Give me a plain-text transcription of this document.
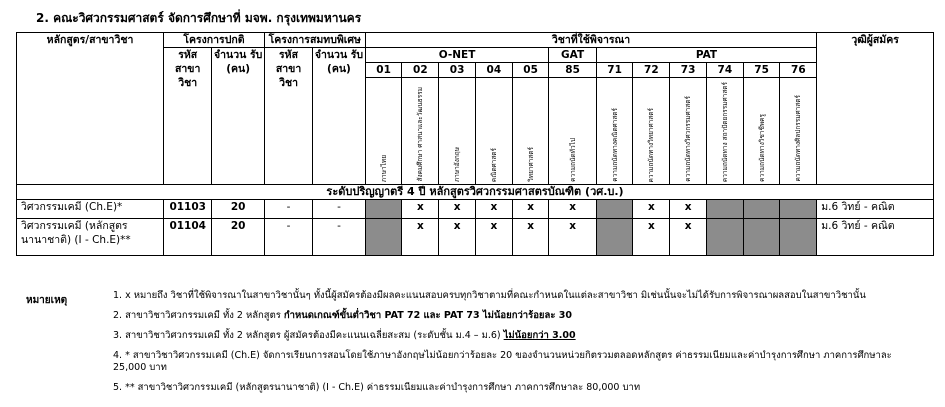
2. คณะวิศวกรรมศาสตร์ จัดการศึกษาที่ มจพ. กรุงเทพมหานคร
หลักสูตร/สาขาวิชา	โครงการปกติ		โครงการสมทบพิเศษ		วิชาที่ใช้พิจารณา												วุฒิผู้สมัคร
	รหัส สาขา วิชา	จำนวน รับ (คน)	รหัส สาขา วิชา	จำนวน รับ (คน)	O-NET					GAT	PAT						
					01	02	03	04	05	85	71	72	73	74	75	76	

					ภาษาไทย	สังคมศึกษา ศาสนาและวัฒนธรรม	ภาษาอังกฤษ	คณิตศาสตร์	วิทยาศาสตร์	ความถนัดทั่วไป	ความถนัดทางคณิตศาสตร์	ความถนัดทางวิทยาศาสตร์	ความถนัดทางวิศวกรรมศาสตร์	ความถนัดทาง สถาปัตยกรรมศาสตร์	ความถนัดทางวิชาชีพครู	ความถนัดทางศิลปกรรมศาสตร์	

ระดับปริญญาตรี 4 ปี หลักสูตรวิศวกรรมศาสตรบัณฑิต (วศ.บ.)																	
วิศวกรรมเคมี (Ch.E)*	01103	20	-	-		x	x	x	x	x		x	x				ม.6 วิทย์ - คณิต
วิศวกรรมเคมี (หลักสูตรนานาชาติ) (I - Ch.E)**	01104	20	-	-		x	x	x	x	x		x	x				ม.6 วิทย์ - คณิต
หมายเหตุ	1. x หมายถึง วิชาที่ใช้พิจารณาในสาขาวิชานั้นๆ ทั้งนี้ผู้สมัครต้องมีผลคะแนนสอบครบทุกวิชาตามที่คณะกำหนดในแต่ละสาขาวิชา มิเช่นนั้นจะไม่ได้รับการพิจารณาผลสอบในสาขาวิชานั้น
2. สาขาวิชาวิศวกรรมเคมี ทั้ง 2 หลักสูตร กำหนดเกณฑ์ขั้นต่ำวิชา PAT 72 และ PAT 73 ไม่น้อยกว่าร้อยละ 30
3. สาขาวิชาวิศวกรรมเคมี ทั้ง 2 หลักสูตร ผู้สมัครต้องมีคะแนนเฉลี่ยสะสม (ระดับชั้น ม.4 – ม.6) ไม่น้อยกว่า 3.00
4. * สาขาวิชาวิศวกรรมเคมี (Ch.E) จัดการเรียนการสอนโดยใช้ภาษาอังกฤษไม่น้อยกว่าร้อยละ 20 ของจำนวนหน่วยกิตรวมตลอดหลักสูตร ค่าธรรมเนียมและค่าบำรุงการศึกษา ภาคการศึกษาละ 25,000 บาท
5. ** สาขาวิชาวิศวกรรมเคมี (หลักสูตรนานาชาติ) (I - Ch.E) ค่าธรรมเนียมและค่าบำรุงการศึกษา ภาคการศึกษาละ 80,000 บาท
